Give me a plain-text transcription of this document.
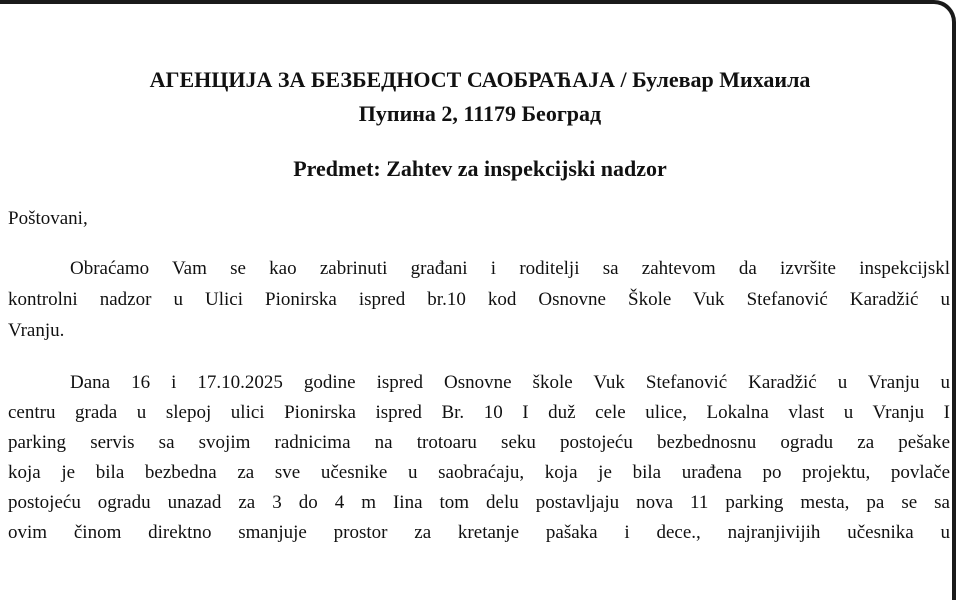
АГЕНЦИЈА ЗА БЕЗБЕДНОСТ САОБРАЋАЈА / Булевар Михаила
Пупина 2, 11179 Београд
Predmet: Zahtev za inspekcijski nadzor
Poštovani,
Obraćamo Vam se kao zabrinuti građani i roditelji sa zahtevom da izvršite inspekcijskl
kontrolni nadzor u Ulici Pionirska ispred br.10 kod Osnovne Škole Vuk Stefanović Karadžić u
Vranju.
Dana 16 i 17.10.2025 godine ispred Osnovne škole Vuk Stefanović Karadžić u Vranju u
centru grada u slepoj ulici Pionirska ispred Br. 10 I duž cele ulice, Lokalna vlast u Vranju I
parking servis sa svojim radnicima na trotoaru seku postojeću bezbednosnu ogradu za pešake
koja je bila bezbedna za sve učesnike u saobraćaju, koja je bila urađena po projektu, povlače
postojeću ogradu unazad za 3 do 4 m Iina tom delu postavljaju nova 11 parking mesta, pa se sa
ovim činom direktno smanjuje prostor za kretanje pašaka i dece., najranjivijih učesnika u
